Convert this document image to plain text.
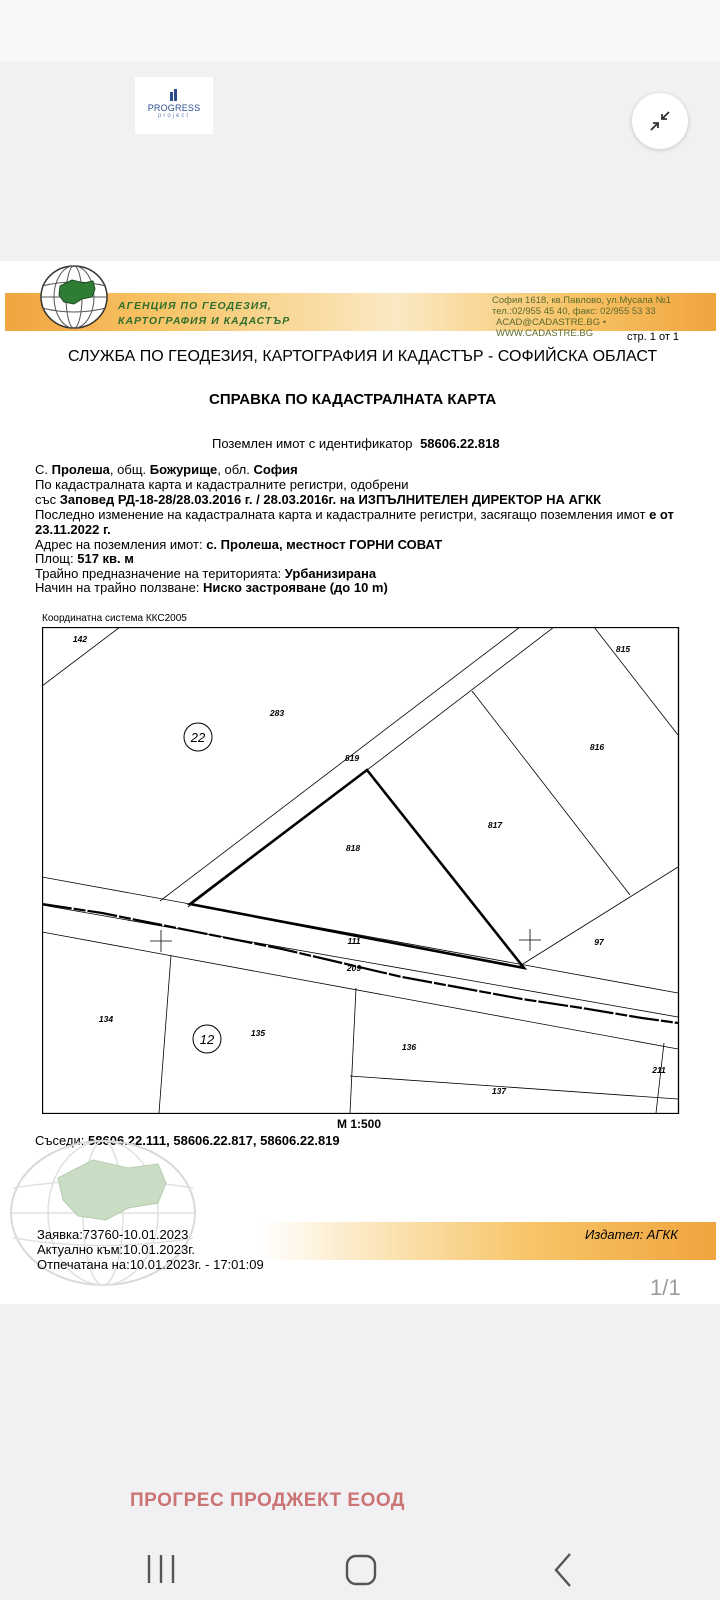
PROGRESS
project
АГЕНЦИЯ ПО ГЕОДЕЗИЯ,
КАРТОГРАФИЯ И КАДАСТЪР
София 1618, кв.Павлово, ул.Мусала №1
тел.:02/955 45 40, факс: 02/955 53 33
ACAD@CADASTRE.BG • WWW.CADASTRE.BG	стр. 1 от 1
СЛУЖБА ПО ГЕОДЕЗИЯ, КАРТОГРАФИЯ И КАДАСТЪР - СОФИЙСКА ОБЛАСТ
СПРАВКА ПО КАДАСТРАЛНАТА КАРТА
Поземлен имот с идентификатор 58606.22.818
С. Пролеша, общ. Божурище, обл. София
По кадастралната карта и кадастралните регистри, одобрени
със Заповед РД-18-28/28.03.2016 г. / 28.03.2016г. на ИЗПЪЛНИТЕЛЕН ДИРЕКТОР НА АГКК
Последно изменение на кадастралната карта и кадастралните регистри, засягащо поземления имот е от
23.11.2022 г.
Адрес на поземления имот: с. Пролеша, местност ГОРНИ СОВАТ
Площ: 517 кв. м
Трайно предназначение на територията: Урбанизирана
Начин на трайно ползване: Ниско застрояване (до 10 m)
Координатна система ККС2005
22
12
142
815
283
816
819
817
818
97
111
209
134
135
136
211
137
М 1:500
Съседи: 58606.22.111, 58606.22.817, 58606.22.819
Издател: АГКК
Заявка:73760-10.01.2023
Актуално към:10.01.2023г.
Отпечатана на:10.01.2023г. - 17:01:09
1/1
ПРОГРЕС ПРОДЖЕКТ ЕООД
